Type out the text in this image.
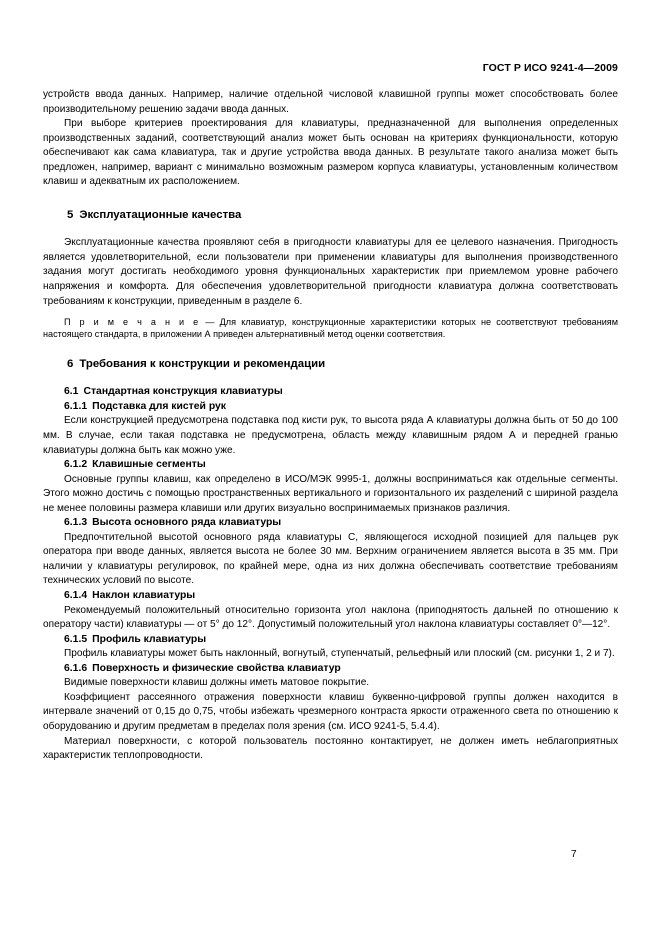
ГОСТ Р ИСО 9241-4—2009

устройств ввода данных. Например, наличие отдельной числовой клавишной группы может способствовать более производительному решению задачи ввода данных.

При выборе критериев проектирования для клавиатуры, предназначенной для выполнения определенных производственных заданий, соответствующий анализ может быть основан на критериях функциональности, которую обеспечивают как сама клавиатура, так и другие устройства ввода данных. В результате такого анализа может быть предложен, например, вариант с минимально возможным размером корпуса клавиатуры, установленным количеством клавиш и адекватным их расположением.

5 Эксплуатационные качества

Эксплуатационные качества проявляют себя в пригодности клавиатуры для ее целевого назначения. Пригодность является удовлетворительной, если пользователи при применении клавиатуры для выполнения производственного задания могут достигать необходимого уровня функциональных характеристик при приемлемом уровне рабочего напряжения и комфорта. Для обеспечения удовлетворительной пригодности клавиатура должна соответствовать требованиям к конструкции, приведенным в разделе 6.

П р и м е ч а н и е — Для клавиатур, конструкционные характеристики которых не соответствуют требованиям настоящего стандарта, в приложении А приведен альтернативный метод оценки соответствия.

6 Требования к конструкции и рекомендации

6.1 Стандартная конструкция клавиатуры

6.1.1 Подставка для кистей рук

Если конструкцией предусмотрена подставка под кисти рук, то высота ряда А клавиатуры должна быть от 50 до 100 мм. В случае, если такая подставка не предусмотрена, область между клавишным рядом А и передней гранью клавиатуры должна быть как можно уже.

6.1.2 Клавишные сегменты

Основные группы клавиш, как определено в ИСО/МЭК 9995-1, должны восприниматься как отдельные сегменты. Этого можно достичь с помощью пространственных вертикального и горизонтального их разделений с шириной раздела не менее половины размера клавиши или других визуально воспринимаемых признаков различия.

6.1.3 Высота основного ряда клавиатуры

Предпочтительной высотой основного ряда клавиатуры С, являющегося исходной позицией для пальцев рук оператора при вводе данных, является высота не более 30 мм. Верхним ограничением является высота в 35 мм. При наличии у клавиатуры регулировок, по крайней мере, одна из них должна обеспечивать соответствие требованиям технических условий по высоте.

6.1.4 Наклон клавиатуры

Рекомендуемый положительный относительно горизонта угол наклона (приподнятость дальней по отношению к оператору части) клавиатуры — от 5° до 12°. Допустимый положительный угол наклона клавиатуры составляет 0°—12°.

6.1.5 Профиль клавиатуры

Профиль клавиатуры может быть наклонный, вогнутый, ступенчатый, рельефный или плоский (см. рисунки 1, 2 и 7).

6.1.6 Поверхность и физические свойства клавиатур

Видимые поверхности клавиш должны иметь матовое покрытие.

Коэффициент рассеянного отражения поверхности клавиш буквенно-цифровой группы должен находится в интервале значений от 0,15 до 0,75, чтобы избежать чрезмерного контраста яркости отраженного света по отношению к оборудованию и другим предметам в пределах поля зрения (см. ИСО 9241-5, 5.4.4).

Материал поверхности, с которой пользователь постоянно контактирует, не должен иметь неблагоприятных характеристик теплопроводности.

7
